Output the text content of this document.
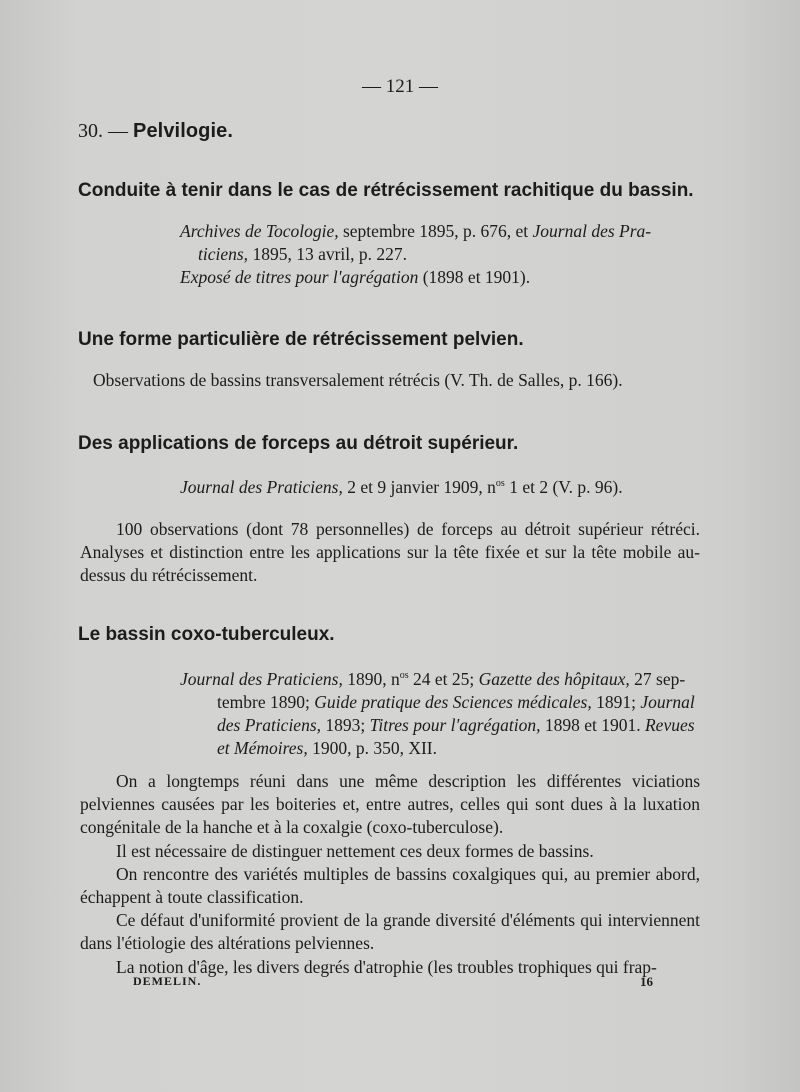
— 121 —
30. — Pelvilogie.
Conduite à tenir dans le cas de rétrécissement rachitique du bassin.
Archives de Tocologie, septembre 1895, p. 676, et Journal des Pra-
ticiens, 1895, 13 avril, p. 227.
Exposé de titres pour l'agrégation (1898 et 1901).
Une forme particulière de rétrécissement pelvien.
Observations de bassins transversalement rétrécis (V. Th. de Salles, p. 166).
Des applications de forceps au détroit supérieur.
Journal des Praticiens, 2 et 9 janvier 1909, $n^{os}$ 1 et 2 (V. p. 96).
100 observations (dont 78 personnelles) de forceps au détroit supérieur rétréci. Analyses et distinction entre les applications sur la tête fixée et sur la tête mobile au-dessus du rétrécissement.
Le bassin coxo-tuberculeux.
Journal des Praticiens, 1890, $n^{os}$ 24 et 25; Gazette des hôpitaux, 27 sep-
tembre 1890; Guide pratique des Sciences médicales, 1891; Journal
des Praticiens, 1893; Titres pour l'agrégation, 1898 et 1901. Revues
et Mémoires, 1900, p. 350, XII.
On a longtemps réuni dans une même description les différentes viciations pelviennes causées par les boiteries et, entre autres, celles qui sont dues à la luxation congénitale de la hanche et à la coxalgie (coxo-tuberculose).
Il est nécessaire de distinguer nettement ces deux formes de bassins.
On rencontre des variétés multiples de bassins coxalgiques qui, au premier abord, échappent à toute classification.
Ce défaut d'uniformité provient de la grande diversité d'éléments qui interviennent dans l'étiologie des altérations pelviennes.
La notion d'âge, les divers degrés d'atrophie (les troubles trophiques qui frap-
DEMELIN.	16
